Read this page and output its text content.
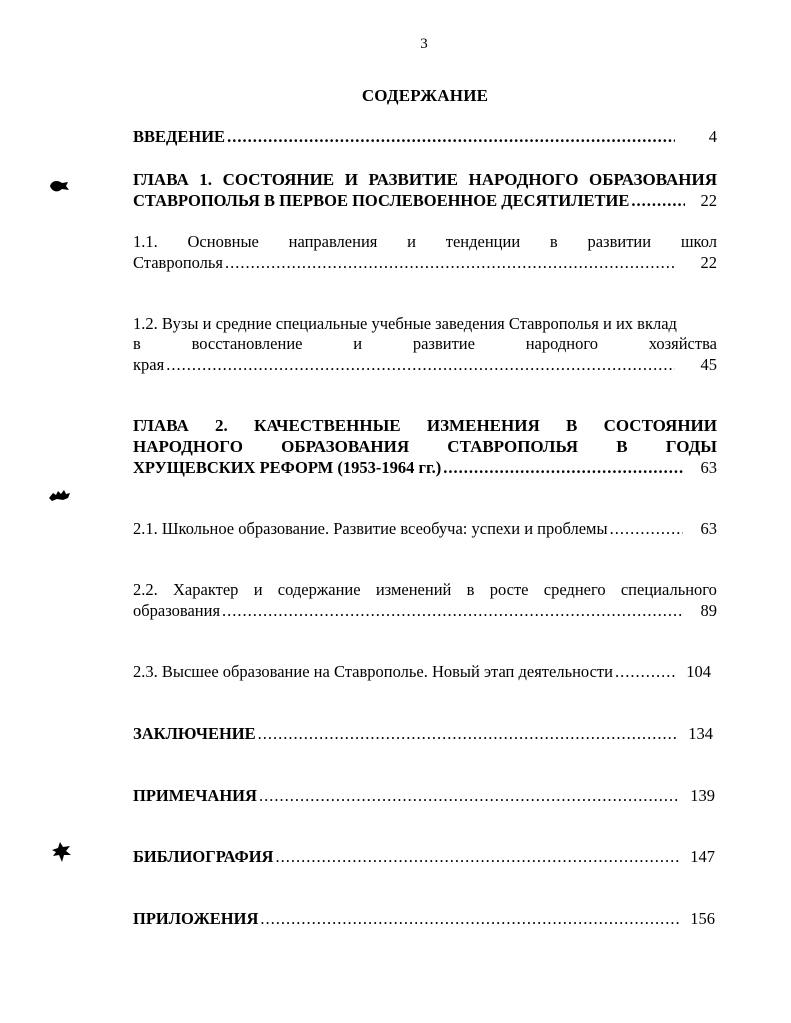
3
СОДЕРЖАНИЕ
ВВЕДЕНИЕ .....	4
ГЛАВА 1. СОСТОЯНИЕ И РАЗВИТИЕ НАРОДНОГО ОБРАЗОВАНИЯ
СТАВРОПОЛЬЯ В ПЕРВОЕ ПОСЛЕВОЕННОЕ ДЕСЯТИЛЕТИЕ .....	22
1.1. Основные направления и тенденции в развитии школ
Ставрополья .....	22
1.2. Вузы и средние специальные учебные заведения Ставрополья и их вклад
в	восстановление	и	развитие	народного	хозяйства
края .....	45
ГЛАВА 2. КАЧЕСТВЕННЫЕ ИЗМЕНЕНИЯ В СОСТОЯНИИ
НАРОДНОГО ОБРАЗОВАНИЯ СТАВРОПОЛЬЯ В ГОДЫ
ХРУЩЕВСКИХ РЕФОРМ (1953-1964 гг.) .....	63
2.1. Школьное образование. Развитие всеобуча: успехи и проблемы .....	63
2.2. Характер и содержание изменений в росте среднего специального
образования .....	89
2.3. Высшее образование на Ставрополье. Новый этап деятельности .....	104
ЗАКЛЮЧЕНИЕ .....	134
ПРИМЕЧАНИЯ .....	139
БИБЛИОГРАФИЯ .....	147
ПРИЛОЖЕНИЯ .....	156
